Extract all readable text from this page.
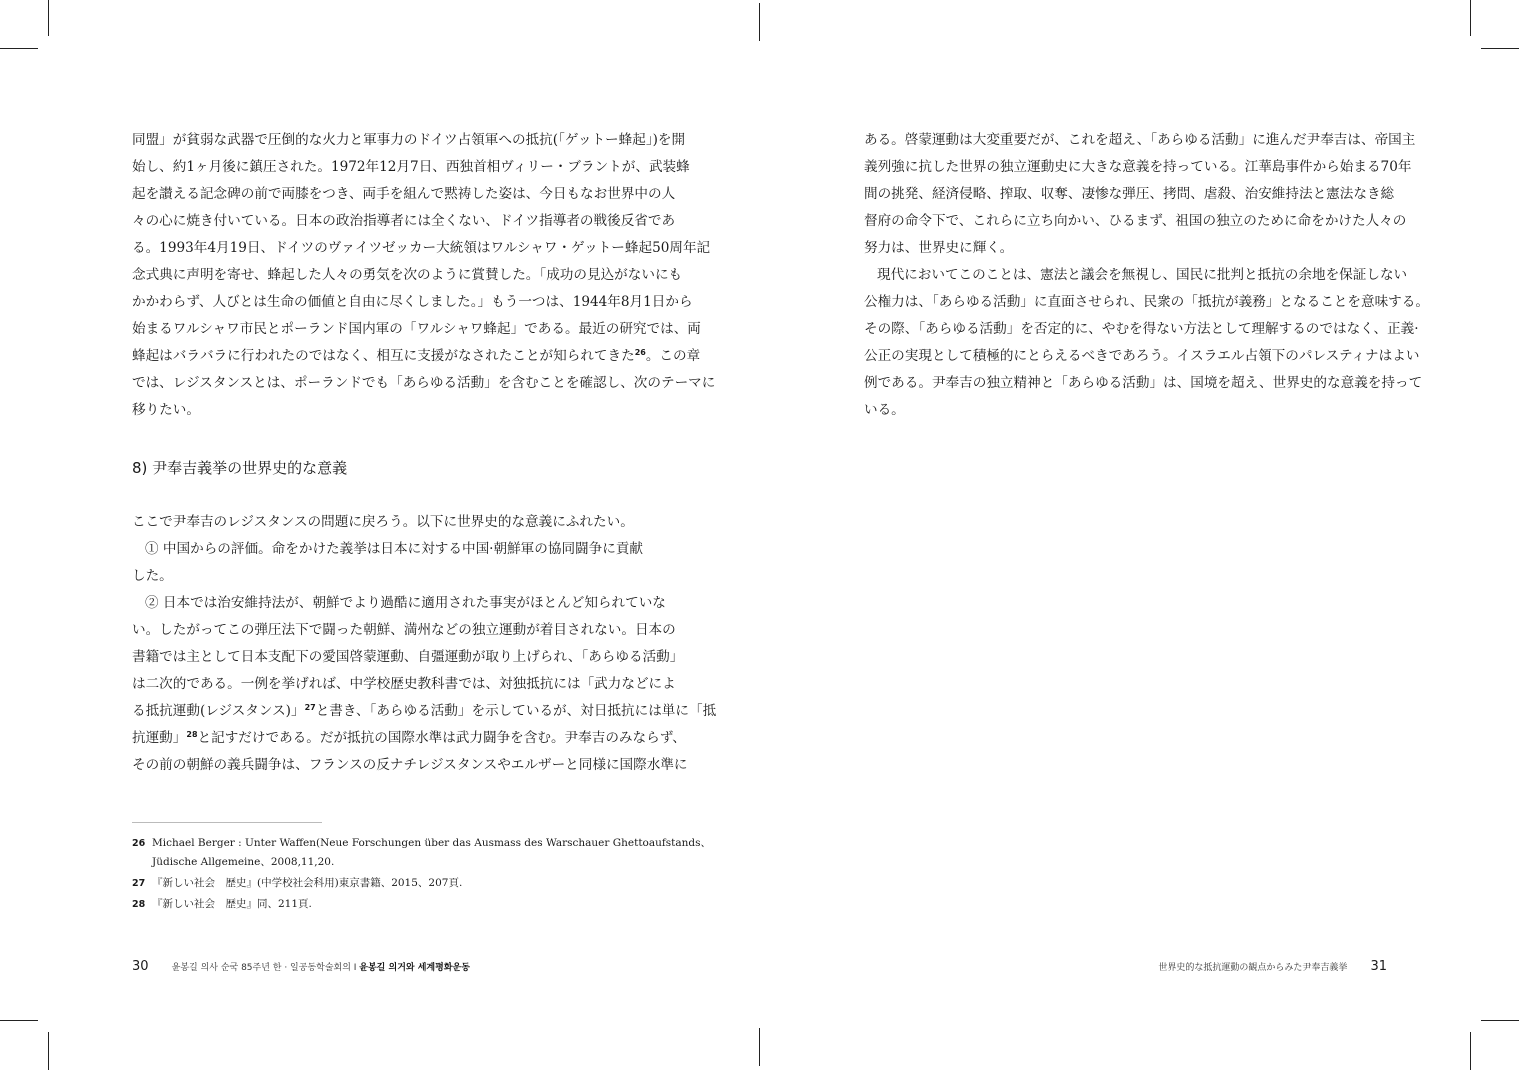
同盟」が貧弱な武器で圧倒的な火力と軍事力のドイツ占領軍への抵抗(「ゲットー蜂起」)を開

始し、約1ヶ月後に鎮圧された。1972年12月7日、西独首相ヴィリー・ブラントが、武装蜂

起を讃える記念碑の前で両膝をつき、両手を組んで黙祷した姿は、今日もなお世界中の人

々の心に焼き付いている。日本の政治指導者には全くない、ドイツ指導者の戦後反省であ

る。1993年4月19日、ドイツのヴァイツゼッカー大統領はワルシャワ・ゲットー蜂起50周年記

念式典に声明を寄せ、蜂起した人々の勇気を次のように賞賛した。「成功の見込がないにも

かかわらず、人びとは生命の価値と自由に尽くしました。」もう一つは、1944年8月1日から

始まるワルシャワ市民とポーランド国内軍の「ワルシャワ蜂起」である。最近の研究では、両

蜂起はバラバラに行われたのではなく、相互に支援がなされたことが知られてきた$^{26}$。この章

では、レジスタンスとは、ポーランドでも「あらゆる活動」を含むことを確認し、次のテーマに

移りたい。

8) 尹奉吉義挙の世界史的な意義

ここで尹奉吉のレジスタンスの問題に戻ろう。以下に世界史的な意義にふれたい。

① 中国からの評価。命をかけた義挙は日本に対する中国·朝鮮軍の協同闘争に貢献

した。

② 日本では治安維持法が、朝鮮でより過酷に適用された事実がほとんど知られていな

い。したがってこの弾圧法下で闘った朝鮮、満州などの独立運動が着目されない。日本の

書籍では主として日本支配下の愛国啓蒙運動、自彊運動が取り上げられ、「あらゆる活動」

は二次的である。一例を挙げれば、中学校歴史教科書では、対独抵抗には「武力などによ

る抵抗運動(レジスタンス)」$^{27}$と書き、「あらゆる活動」を示しているが、対日抵抗には単に「抵

抗運動」$^{28}$と記すだけである。だが抵抗の国際水準は武力闘争を含む。尹奉吉のみならず、

その前の朝鮮の義兵闘争は、フランスの反ナチレジスタンスやエルザーと同様に国際水準に

26 Michael Berger : Unter Waffen(Neue Forschungen über das Ausmass des Warschauer Ghettoaufstands、

Jüdische Allgemeine、2008,11,20.

27 『新しい社会　歴史』(中学校社会科用)東京書籍、2015、207頁.

28 『新しい社会　歴史』同、211頁.

30	윤봉길 의사 순국 85주년 한 · 일공동학술회의 I 윤봉길 의거와 세계평화운동

ある。啓蒙運動は大変重要だが、これを超え、「あらゆる活動」に進んだ尹奉吉は、帝国主

義列強に抗した世界の独立運動史に大きな意義を持っている。江華島事件から始まる70年

間の挑発、経済侵略、搾取、収奪、凄惨な弾圧、拷問、虐殺、治安維持法と憲法なき総

督府の命令下で、これらに立ち向かい、ひるまず、祖国の独立のために命をかけた人々の

努力は、世界史に輝く。

現代においてこのことは、憲法と議会を無視し、国民に批判と抵抗の余地を保証しない

公権力は、「あらゆる活動」に直面させられ、民衆の「抵抗が義務」となることを意味する。

その際、「あらゆる活動」を否定的に、やむを得ない方法として理解するのではなく、正義·

公正の実現として積極的にとらえるべきであろう。イスラエル占領下のパレスティナはよい

例である。尹奉吉の独立精神と「あらゆる活動」は、国境を超え、世界史的な意義を持って

いる。

世界史的な抵抗運動の観点からみた尹奉吉義挙 31
